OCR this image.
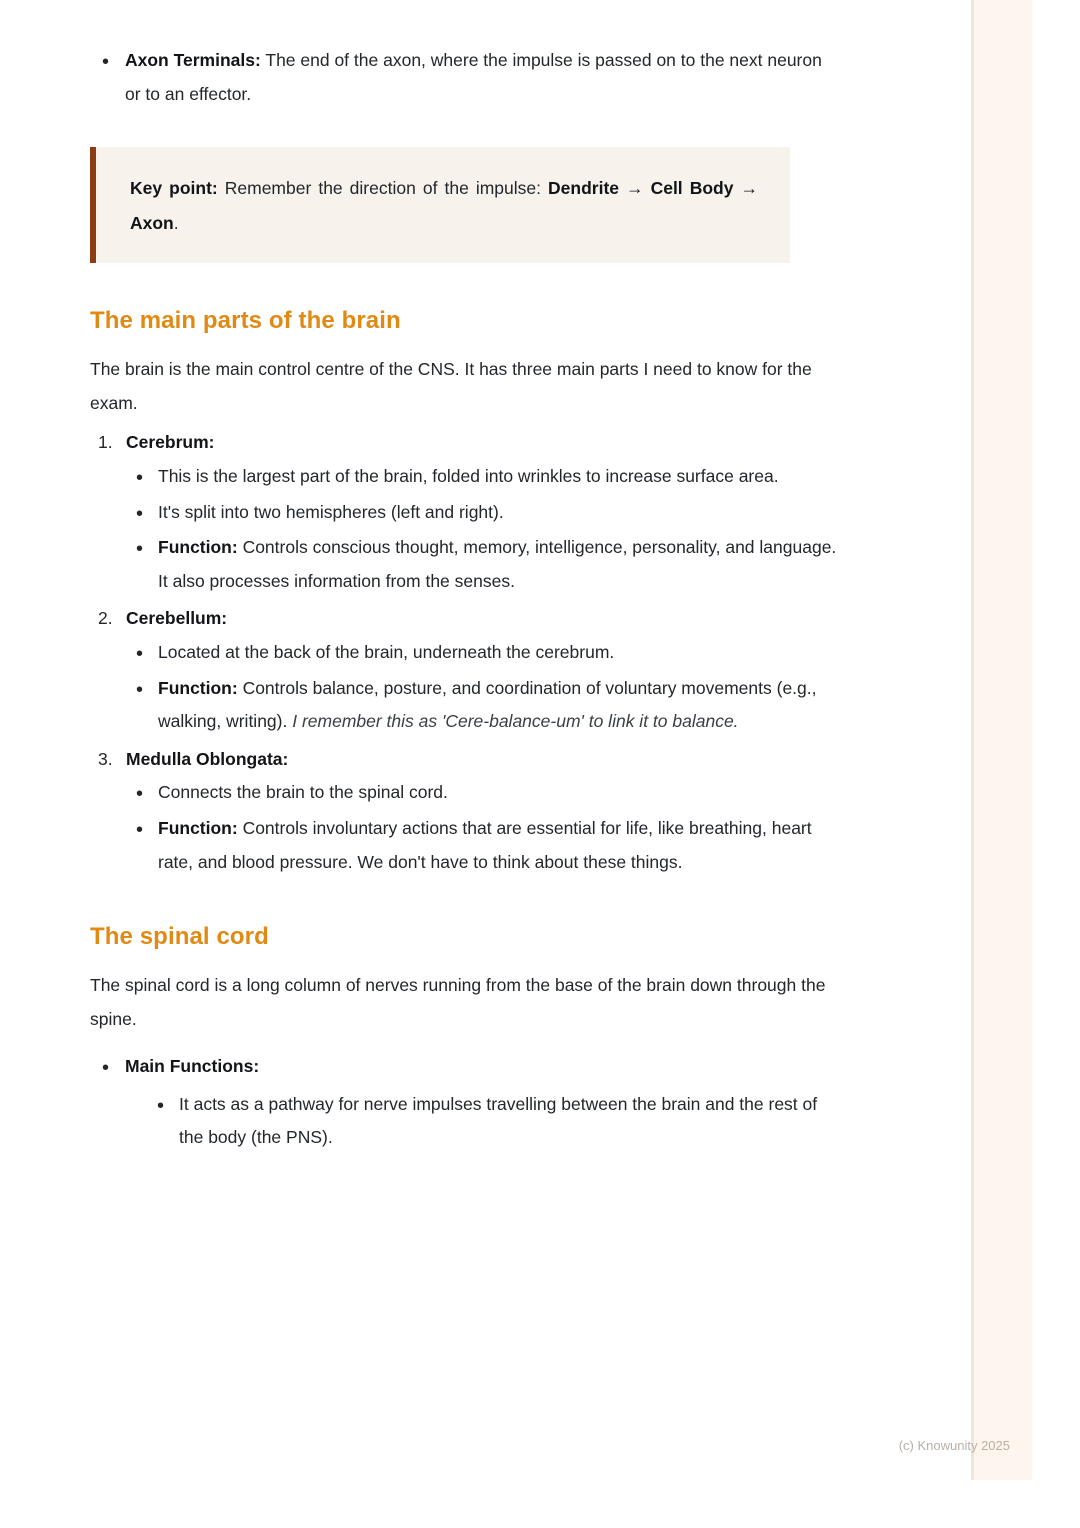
• Axon Terminals: The end of the axon, where the impulse is passed on to the next neuron or to an effector.

Key point: Remember the direction of the impulse: Dendrite → Cell Body → Axon.

The main parts of the brain

The brain is the main control centre of the CNS. It has three main parts I need to know for the exam.

Cerebrum:
• This is the largest part of the brain, folded into wrinkles to increase surface area.
• It's split into two hemispheres (left and right).
• Function: Controls conscious thought, memory, intelligence, personality, and language. It also processes information from the senses.
Cerebellum:
• Located at the back of the brain, underneath the cerebrum.
• Function: Controls balance, posture, and coordination of voluntary movements (e.g., walking, writing). I remember this as 'Cere-balance-um' to link it to balance.
Medulla Oblongata:
• Connects the brain to the spinal cord.
• Function: Controls involuntary actions that are essential for life, like breathing, heart rate, and blood pressure. We don't have to think about these things.
The spinal cord

The spinal cord is a long column of nerves running from the base of the brain down through the spine.

• Main Functions:
• It acts as a pathway for nerve impulses travelling between the brain and the rest of the body (the PNS).
(c) Knowunity 2025
